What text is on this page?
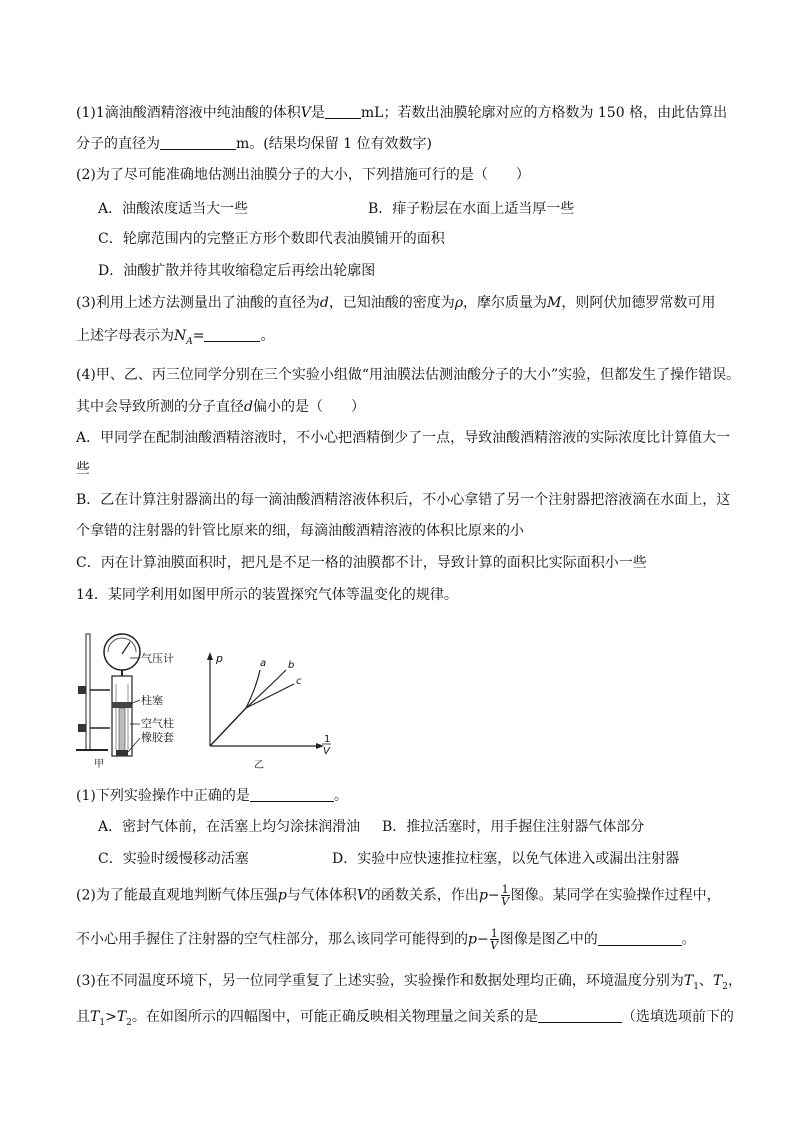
(1)1滴油酸酒精溶液中纯油酸的体积V是	mL；若数出油膜轮廓对应的方格数为 150 格，由此估算出
分子的直径为	m。(结果均保留 1 位有效数字)
(2)为了尽可能准确地估测出油膜分子的大小，下列措施可行的是（　　）
A．油酸浓度适当大一些	B．痱子粉层在水面上适当厚一些
C．轮廓范围内的完整正方形个数即代表油膜铺开的面积
D．油酸扩散并待其收缩稳定后再绘出轮廓图
(3)利用上述方法测量出了油酸的直径为d，已知油酸的密度为ρ，摩尔质量为M，则阿伏加德罗常数可用
上述字母表示为$N_A=$	。
(4)甲、乙、丙三位同学分别在三个实验小组做“用油膜法估测油酸分子的大小”实验，但都发生了操作错误。
其中会导致所测的分子直径d偏小的是（　　）
A．甲同学在配制油酸酒精溶液时，不小心把酒精倒少了一点，导致油酸酒精溶液的实际浓度比计算值大一
些
B．乙在计算注射器滴出的每一滴油酸酒精溶液体积后，不小心拿错了另一个注射器把溶液滴在水面上，这
个拿错的注射器的针管比原来的细，每滴油酸酒精溶液的体积比原来的小
C．丙在计算油膜面积时，把凡是不足一格的油膜都不计，导致计算的面积比实际面积小一些
14．某同学利用如图甲所示的装置探究气体等温变化的规律。
气压计
柱塞
空气柱
橡胶套
甲
p	a b
c
1
V
乙
(1)下列实验操作中正确的是	。
A．密封气体前，在活塞上均匀涂抹润滑油 B．推拉活塞时，用手握住注射器气体部分
C．实验时缓慢移动活塞	D．实验中应快速推拉柱塞，以免气体进入或漏出注射器
(2)为了能最直观地判断气体压强p与气体体积V的函数关系，作出$p- \frac{1}{V}$ 图像。某同学在实验操作过程中，
不小心用手握住了注射器的空气柱部分，那么该同学可能得到的$p- \frac{1}{V}$ 图像是图乙中的	。
(3)在不同温度环境下，另一位同学重复了上述实验，实验操作和数据处理均正确，环境温度分别为$T_1$、$T_2$，
且$T_1>T_2$。在如图所示的四幅图中，可能正确反映相关物理量之间关系的是	（选填选项前下的
